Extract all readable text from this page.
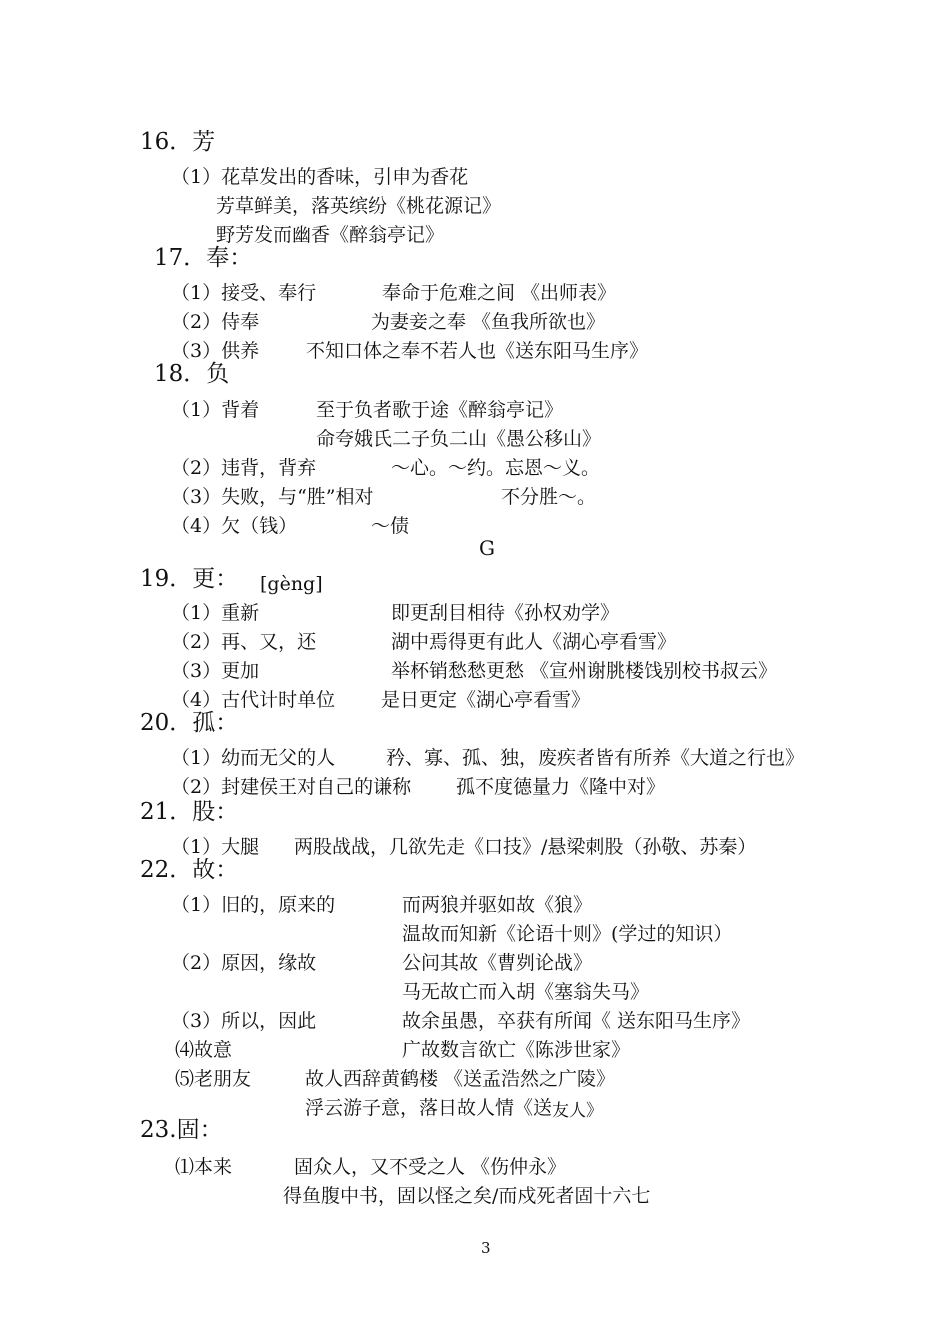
16．芳
（1）花草发出的香味，引申为香花
芳草鲜美，落英缤纷《桃花源记》
野芳发而幽香《醉翁亭记》
17．奉：
（1）接受、奉行	奉命于危难之间 《出师表》
（2）侍奉	为妻妾之奉 《鱼我所欲也》
（3）供养 不知口体之奉不若人也《送东阳马生序》
18．负
（1）背着	至于负者歌于途《醉翁亭记》
命夸娥氏二子负二山《愚公移山》
（2）违背，背弃	～心。～约。忘恩～义。
（3）失败，与“胜”相对	不分胜～。
（4）欠（钱）	～债
G
19．更： [gèng]
（1）重新	即更刮目相待《孙权劝学》
（2）再、又，还	湖中焉得更有此人《湖心亭看雪》
（3）更加	举杯销愁愁更愁 《宣州谢朓楼饯别校书叔云》
（4）古代计时单位 是日更定《湖心亭看雪》
20．孤：
（1）幼而无父的人	矜、寡、孤、独，废疾者皆有所养《大道之行也》
（2）封建侯王对自己的谦称 孤不度德量力《隆中对》
21．股：
（1）大腿 两股战战，几欲先走《口技》/悬梁刺股（孙敬、苏秦）
22．故：
（1）旧的，原来的	而两狼并驱如故《狼》
温故而知新《论语十则》(学过的知识）
（2）原因，缘故	公问其故《曹刿论战》
马无故亡而入胡《塞翁失马》
（3）所以，因此	故余虽愚，卒获有所闻《 送东阳马生序》
⑷故意	广故数言欲亡《陈涉世家》
⑸老朋友	故人西辞黄鹤楼 《送孟浩然之广陵》
浮云游子意，落日故人情《送友人》
23.固：
⑴本来	固众人，又不受之人 《伤仲永》
得鱼腹中书，固以怪之矣/而戍死者固十六七
3
